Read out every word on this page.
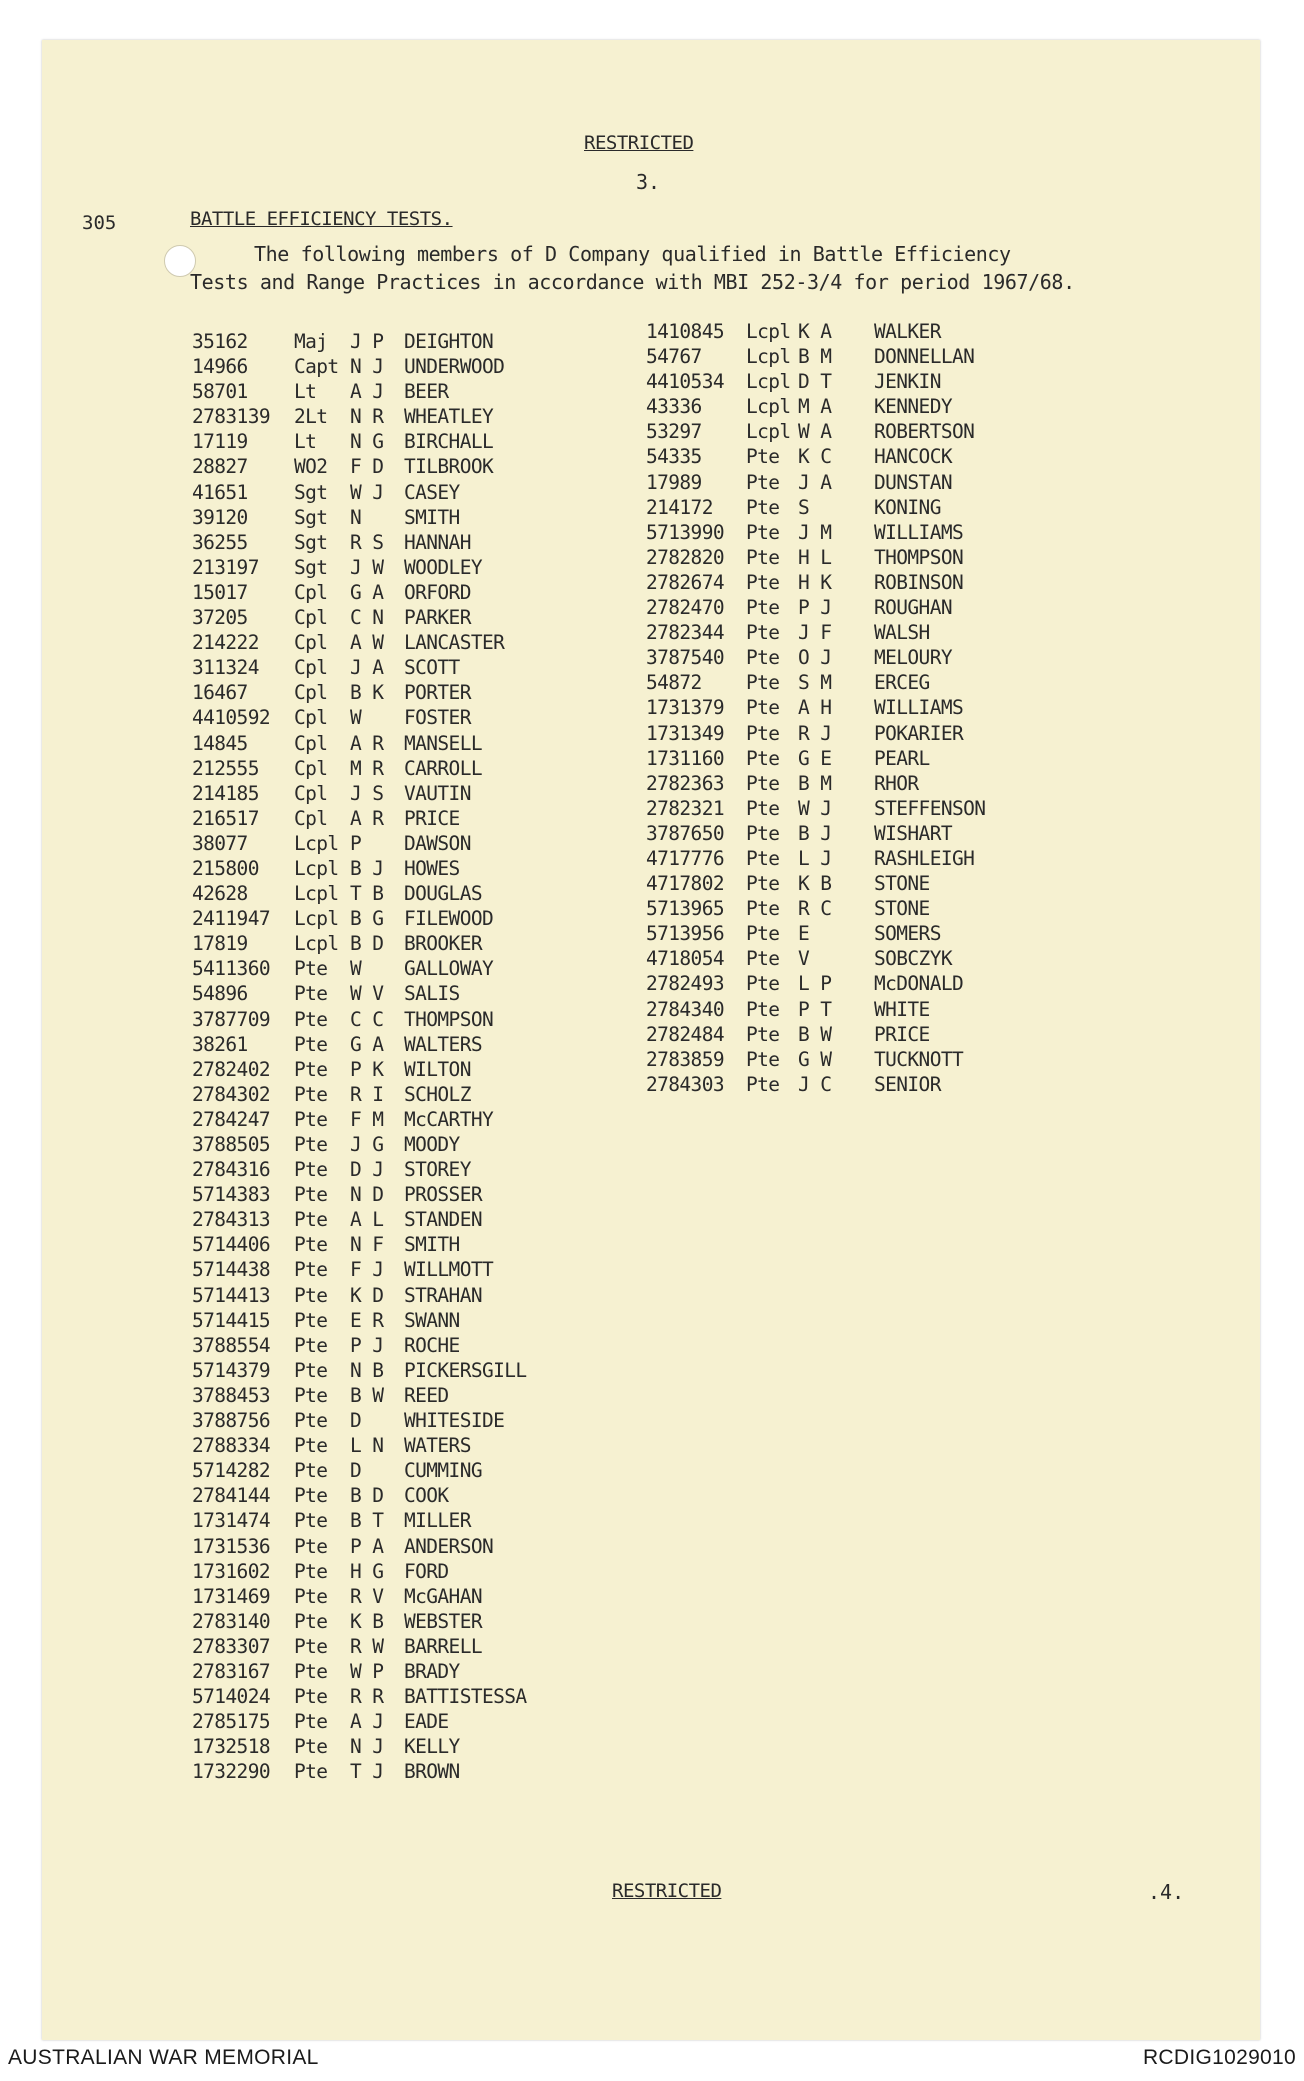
RESTRICTED
3.
305	BATTLE EFFICIENCY TESTS.
The following members of D Company qualified in Battle Efficiency
Tests and Range Practices in accordance with MBI 252-3/4 for period 1967/68.
35162 Maj J P DEIGHTON
14966 Capt N J UNDERWOOD
58701 Lt A J BEER
2783139 2Lt N R WHEATLEY
17119 Lt N G BIRCHALL
28827 WO2 F D TILBROOK
41651 Sgt W J CASEY
39120 Sgt N SMITH
36255 Sgt R S HANNAH
213197 Sgt J W WOODLEY
15017 Cpl G A ORFORD
37205 Cpl C N PARKER
214222 Cpl A W LANCASTER
311324 Cpl J A SCOTT
16467 Cpl B K PORTER
4410592 Cpl W FOSTER
14845 Cpl A R MANSELL
212555 Cpl M R CARROLL
214185 Cpl J S VAUTIN
216517 Cpl A R PRICE
38077 Lcpl P DAWSON
215800 Lcpl B J HOWES
42628 Lcpl T B DOUGLAS
2411947 Lcpl B G FILEWOOD
17819 Lcpl B D BROOKER
5411360 Pte W GALLOWAY
54896 Pte W V SALIS
3787709 Pte C C THOMPSON
38261 Pte G A WALTERS
2782402 Pte P K WILTON
2784302 Pte R I SCHOLZ
2784247 Pte F M McCARTHY
3788505 Pte J G MOODY
2784316 Pte D J STOREY
5714383 Pte N D PROSSER
2784313 Pte A L STANDEN
5714406 Pte N F SMITH
5714438 Pte F J WILLMOTT
5714413 Pte K D STRAHAN
5714415 Pte E R SWANN
3788554 Pte P J ROCHE
5714379 Pte N B PICKERSGILL
3788453 Pte B W REED
3788756 Pte D WHITESIDE
2788334 Pte L N WATERS
5714282 Pte D CUMMING
2784144 Pte B D COOK
1731474 Pte B T MILLER
1731536 Pte P A ANDERSON
1731602 Pte H G FORD
1731469 Pte R V McGAHAN
2783140 Pte K B WEBSTER
2783307 Pte R W BARRELL
2783167 Pte W P BRADY
5714024 Pte R R BATTISTESSA
2785175 Pte A J EADE
1732518 Pte N J KELLY
1732290 Pte T J BROWN
1410845 Lcpl K A WALKER
54767 Lcpl B M DONNELLAN
4410534 Lcpl D T JENKIN
43336 Lcpl M A KENNEDY
53297 Lcpl W A ROBERTSON
54335 Pte K C HANCOCK
17989 Pte J A DUNSTAN
214172 Pte S	KONING
5713990 Pte J M WILLIAMS
2782820 Pte H L THOMPSON
2782674 Pte H K ROBINSON
2782470 Pte P J ROUGHAN
2782344 Pte J F WALSH
3787540 Pte O J MELOURY
54872 Pte S M ERCEG
1731379 Pte A H WILLIAMS
1731349 Pte R J POKARIER
1731160 Pte G E PEARL
2782363 Pte B M RHOR
2782321 Pte W J STEFFENSON
3787650 Pte B J WISHART
4717776 Pte L J RASHLEIGH
4717802 Pte K B STONE
5713965 Pte R C STONE
5713956 Pte E	SOMERS
4718054 Pte V	SOBCZYK
2782493 Pte L P McDONALD
2784340 Pte P T WHITE
2782484 Pte B W PRICE
2783859 Pte G W TUCKNOTT
2784303 Pte J C SENIOR
RESTRICTED	.4.
AUSTRALIAN WAR MEMORIAL	RCDIG1029010
